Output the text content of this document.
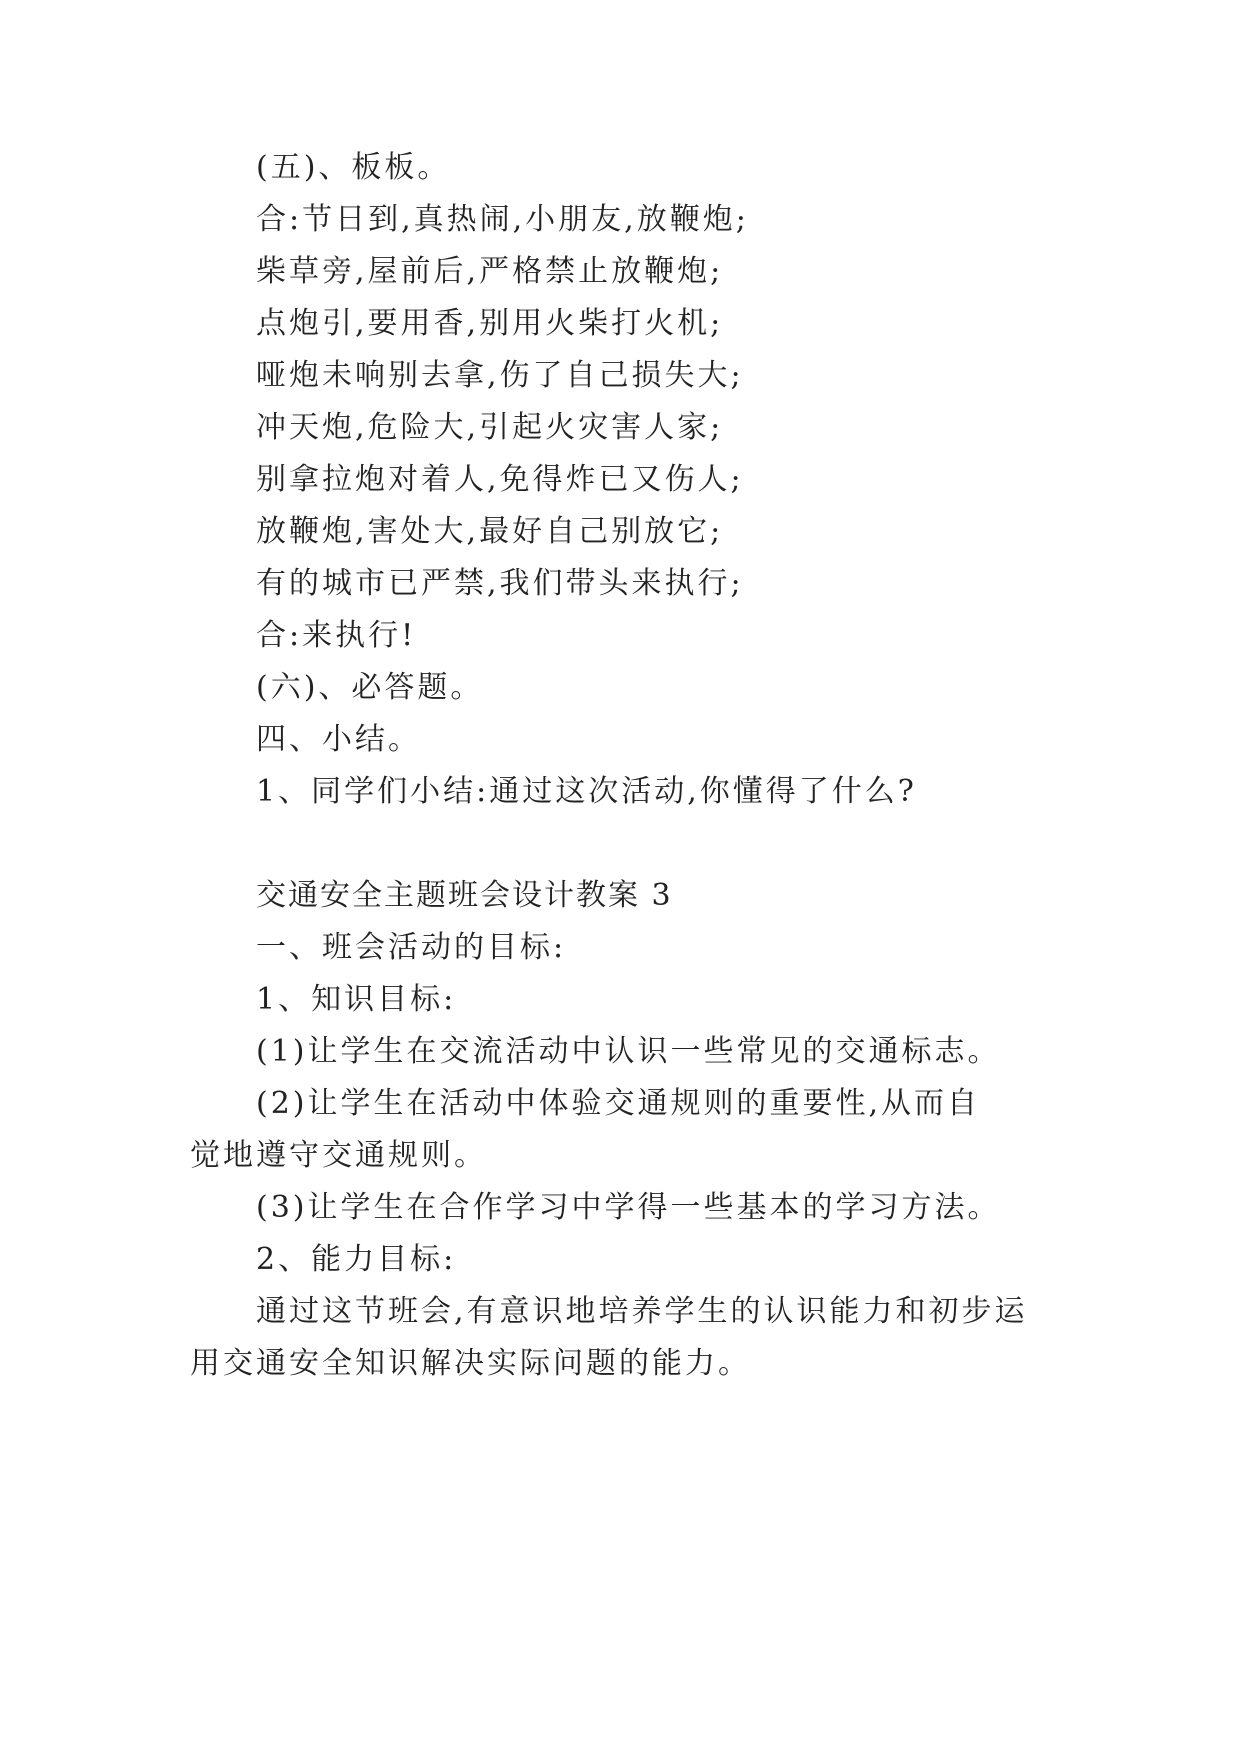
(五)、板板。
合:节日到,真热闹,小朋友,放鞭炮;
柴草旁,屋前后,严格禁止放鞭炮;
点炮引,要用香,别用火柴打火机;
哑炮未响别去拿,伤了自己损失大;
冲天炮,危险大,引起火灾害人家;
别拿拉炮对着人,免得炸已又伤人;
放鞭炮,害处大,最好自己别放它;
有的城市已严禁,我们带头来执行;
合:来执行!
(六)、必答题。
四、小结。
1、同学们小结:通过这次活动,你懂得了什么?
交通安全主题班会设计教案 3
一、班会活动的目标:
1、知识目标:
(1)让学生在交流活动中认识一些常见的交通标志。
(2)让学生在活动中体验交通规则的重要性,从而自
觉地遵守交通规则。
(3)让学生在合作学习中学得一些基本的学习方法。
2、能力目标:
通过这节班会,有意识地培养学生的认识能力和初步运
用交通安全知识解决实际问题的能力。
